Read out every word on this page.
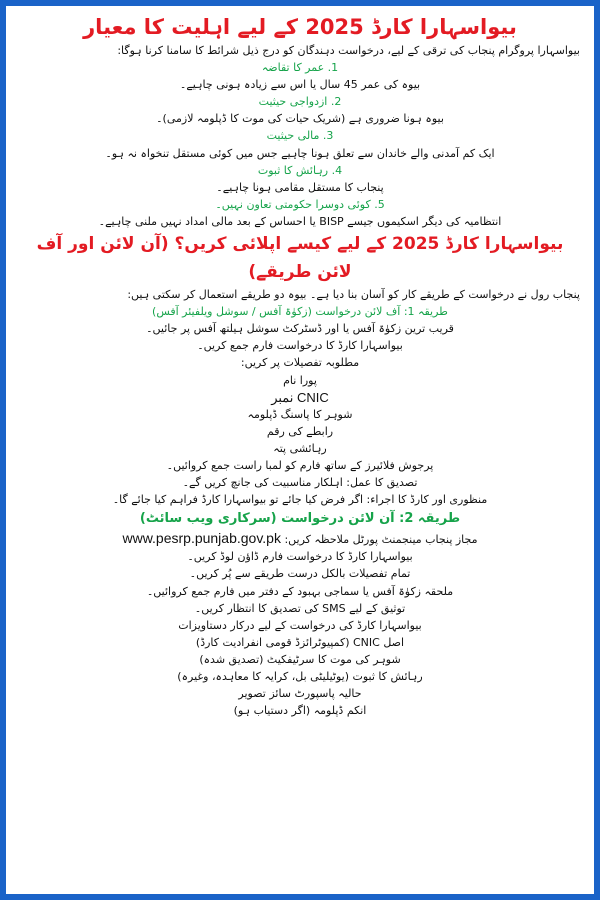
بیواسہارا کارڈ 2025 کے لیے اہلیت کا معیار

بیواسہارا پروگرام پنجاب کی ترقی کے لیے، درخواست دہندگان کو درج ذیل شرائط کا سامنا کرنا ہوگا:

1. عمر کا تقاضہ

بیوہ کی عمر 45 سال یا اس سے زیادہ ہونی چاہیے۔

2. ازدواجی حیثیت

بیوہ ہونا ضروری ہے (شریک حیات کی موت کا ڈپلومہ لازمی)۔

3. مالی حیثیت

ایک کم آمدنی والے خاندان سے تعلق ہونا چاہیے جس میں کوئی مستقل تنخواہ نہ ہو۔

4. رہائش کا ثبوت

پنجاب کا مستقل مقامی ہونا چاہیے۔

5. کوئی دوسرا حکومتی تعاون نہیں۔

انتظامیہ کی دیگر اسکیموں جیسے BISP یا احساس کے بعد مالی امداد نہیں ملنی چاہیے۔

بیواسہارا کارڈ 2025 کے لیے کیسے اپلائی کریں؟ (آن لائن اور آف لائن طریقے)

پنجاب رول نے درخواست کے طریقے کار کو آسان بنا دیا ہے۔ بیوہ دو طریقے استعمال کر سکتی ہیں:

طریقہ 1: آف لائن درخواست (زکوٰۃ آفس / سوشل ویلفیئر آفس)

قریب ترین زکوٰۃ آفس یا اور ڈسٹرکٹ سوشل ہیلتھ آفس پر جائیں۔

بیواسہارا کارڈ کا درخواست فارم جمع کریں۔

مطلوبہ تفصیلات پر کریں:

پورا نام

CNIC نمبر

شوہر کا پاسنگ ڈپلومہ

رابطے کی رقم

رہائشی پتہ

پرجوش فلائیرز کے ساتھ فارم کو لمبا راست جمع کروائیں۔

تصدیق کا عمل: اہلکار مناسبیت کی جانچ کریں گے۔

منظوری اور کارڈ کا اجراء: اگر فرض کیا جائے تو بیواسہارا کارڈ فراہم کیا جائے گا۔

طریقہ 2: آن لائن درخواست (سرکاری ویب سائٹ)

مجاز پنجاب مینجمنٹ پورٹل ملاحظہ کریں: www.pesrp.punjab.gov.pk

بیواسہارا کارڈ کا درخواست فارم ڈاؤن لوڈ کریں۔

تمام تفصیلات بالکل درست طریقے سے پُر کریں۔

ملحقہ زکوٰۃ آفس یا سماجی بہبود کے دفتر میں فارم جمع کروائیں۔

توثیق کے لیے SMS کی تصدیق کا انتظار کریں۔

بیواسہارا کارڈ کی درخواست کے لیے درکار دستاویزات

اصل CNIC (کمپیوٹرائزڈ قومی انفرادیت کارڈ)

شوہر کی موت کا سرٹیفکیٹ (تصدیق شدہ)

رہائش کا ثبوت (یوٹیلیٹی بل، کرایہ کا معاہدہ، وغیرہ)

حالیہ پاسپورٹ سائز تصویر

انکم ڈپلومہ (اگر دستیاب ہو)
